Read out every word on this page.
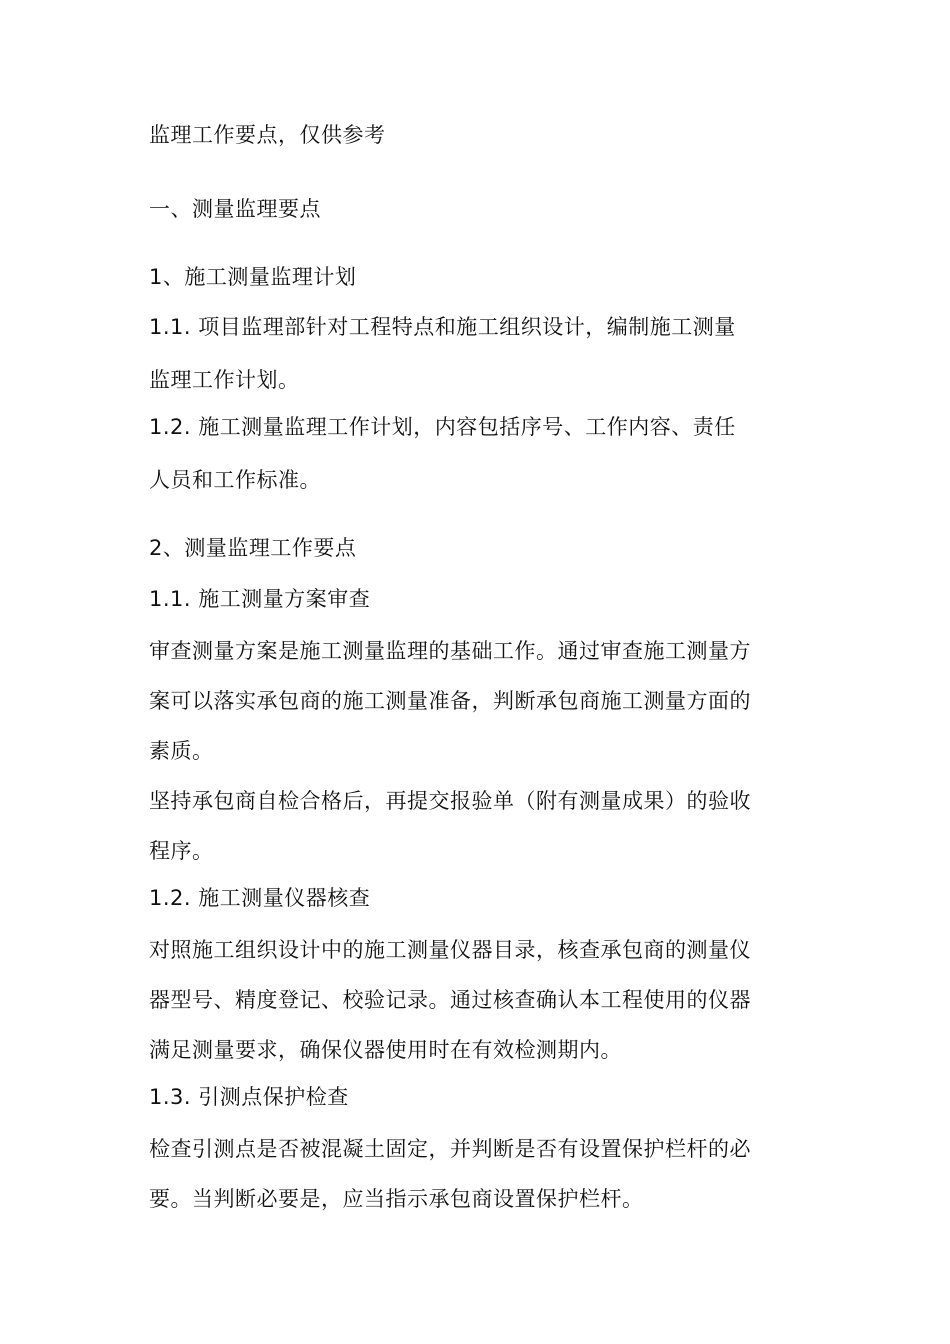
监理工作要点，仅供参考
一、测量监理要点
1、施工测量监理计划
1.1. 项目监理部针对工程特点和施工组织设计，编制施工测量
监理工作计划。
1.2. 施工测量监理工作计划，内容包括序号、工作内容、责任
人员和工作标准。
2、测量监理工作要点
1.1. 施工测量方案审查
审查测量方案是施工测量监理的基础工作。通过审查施工测量方
案可以落实承包商的施工测量准备，判断承包商施工测量方面的
素质。
坚持承包商自检合格后，再提交报验单（附有测量成果）的验收
程序。
1.2. 施工测量仪器核查
对照施工组织设计中的施工测量仪器目录，核查承包商的测量仪
器型号、精度登记、校验记录。通过核查确认本工程使用的仪器
满足测量要求，确保仪器使用时在有效检测期内。
1.3. 引测点保护检查
检查引测点是否被混凝土固定，并判断是否有设置保护栏杆的必
要。当判断必要是，应当指示承包商设置保护栏杆。
